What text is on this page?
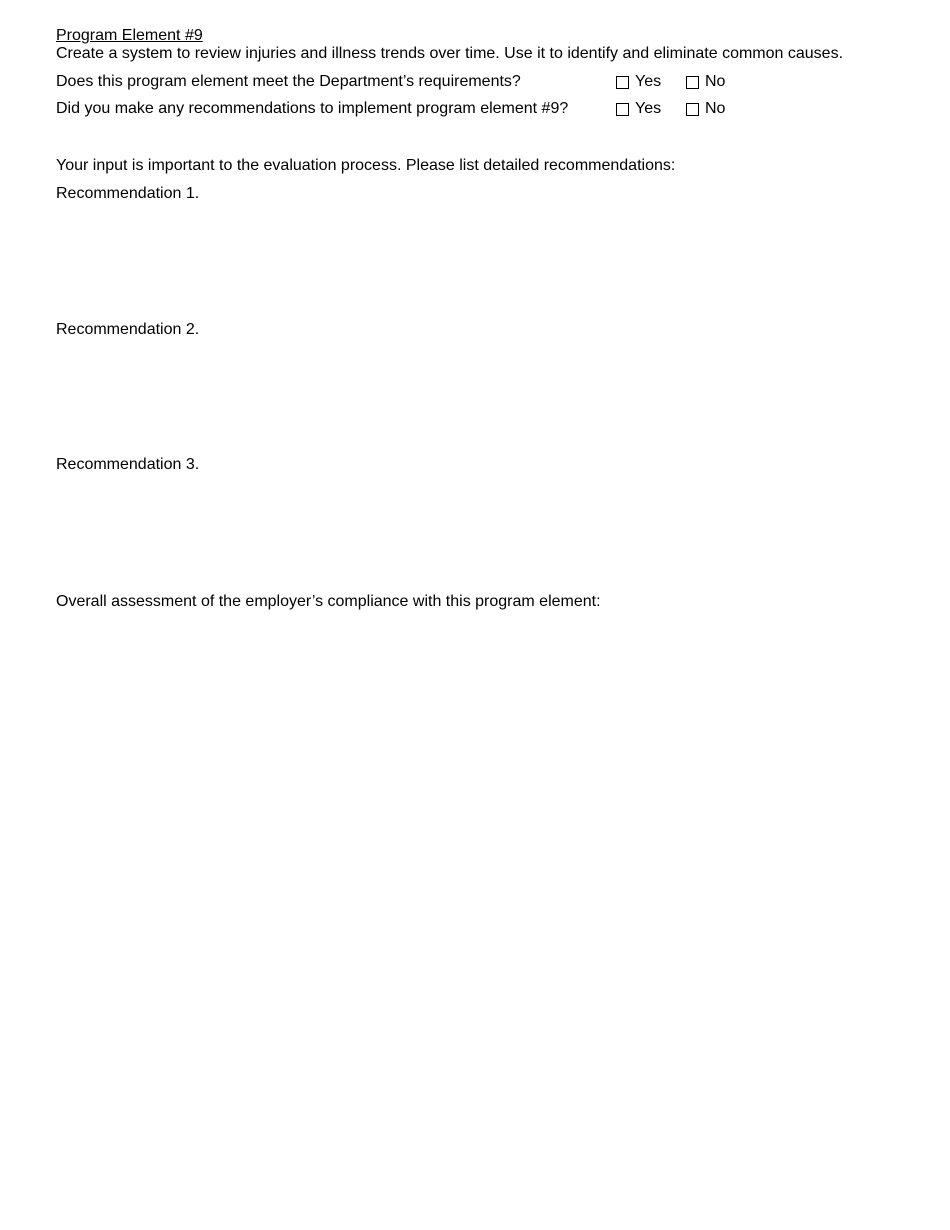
Program Element #9
Create a system to review injuries and illness trends over time. Use it to identify and eliminate common causes.
Does this program element meet the Department’s requirements?	Yes	No
Did you make any recommendations to implement program element #9?	Yes	No
Your input is important to the evaluation process. Please list detailed recommendations:
Recommendation 1.
Recommendation 2.
Recommendation 3.
Overall assessment of the employer’s compliance with this program element:
